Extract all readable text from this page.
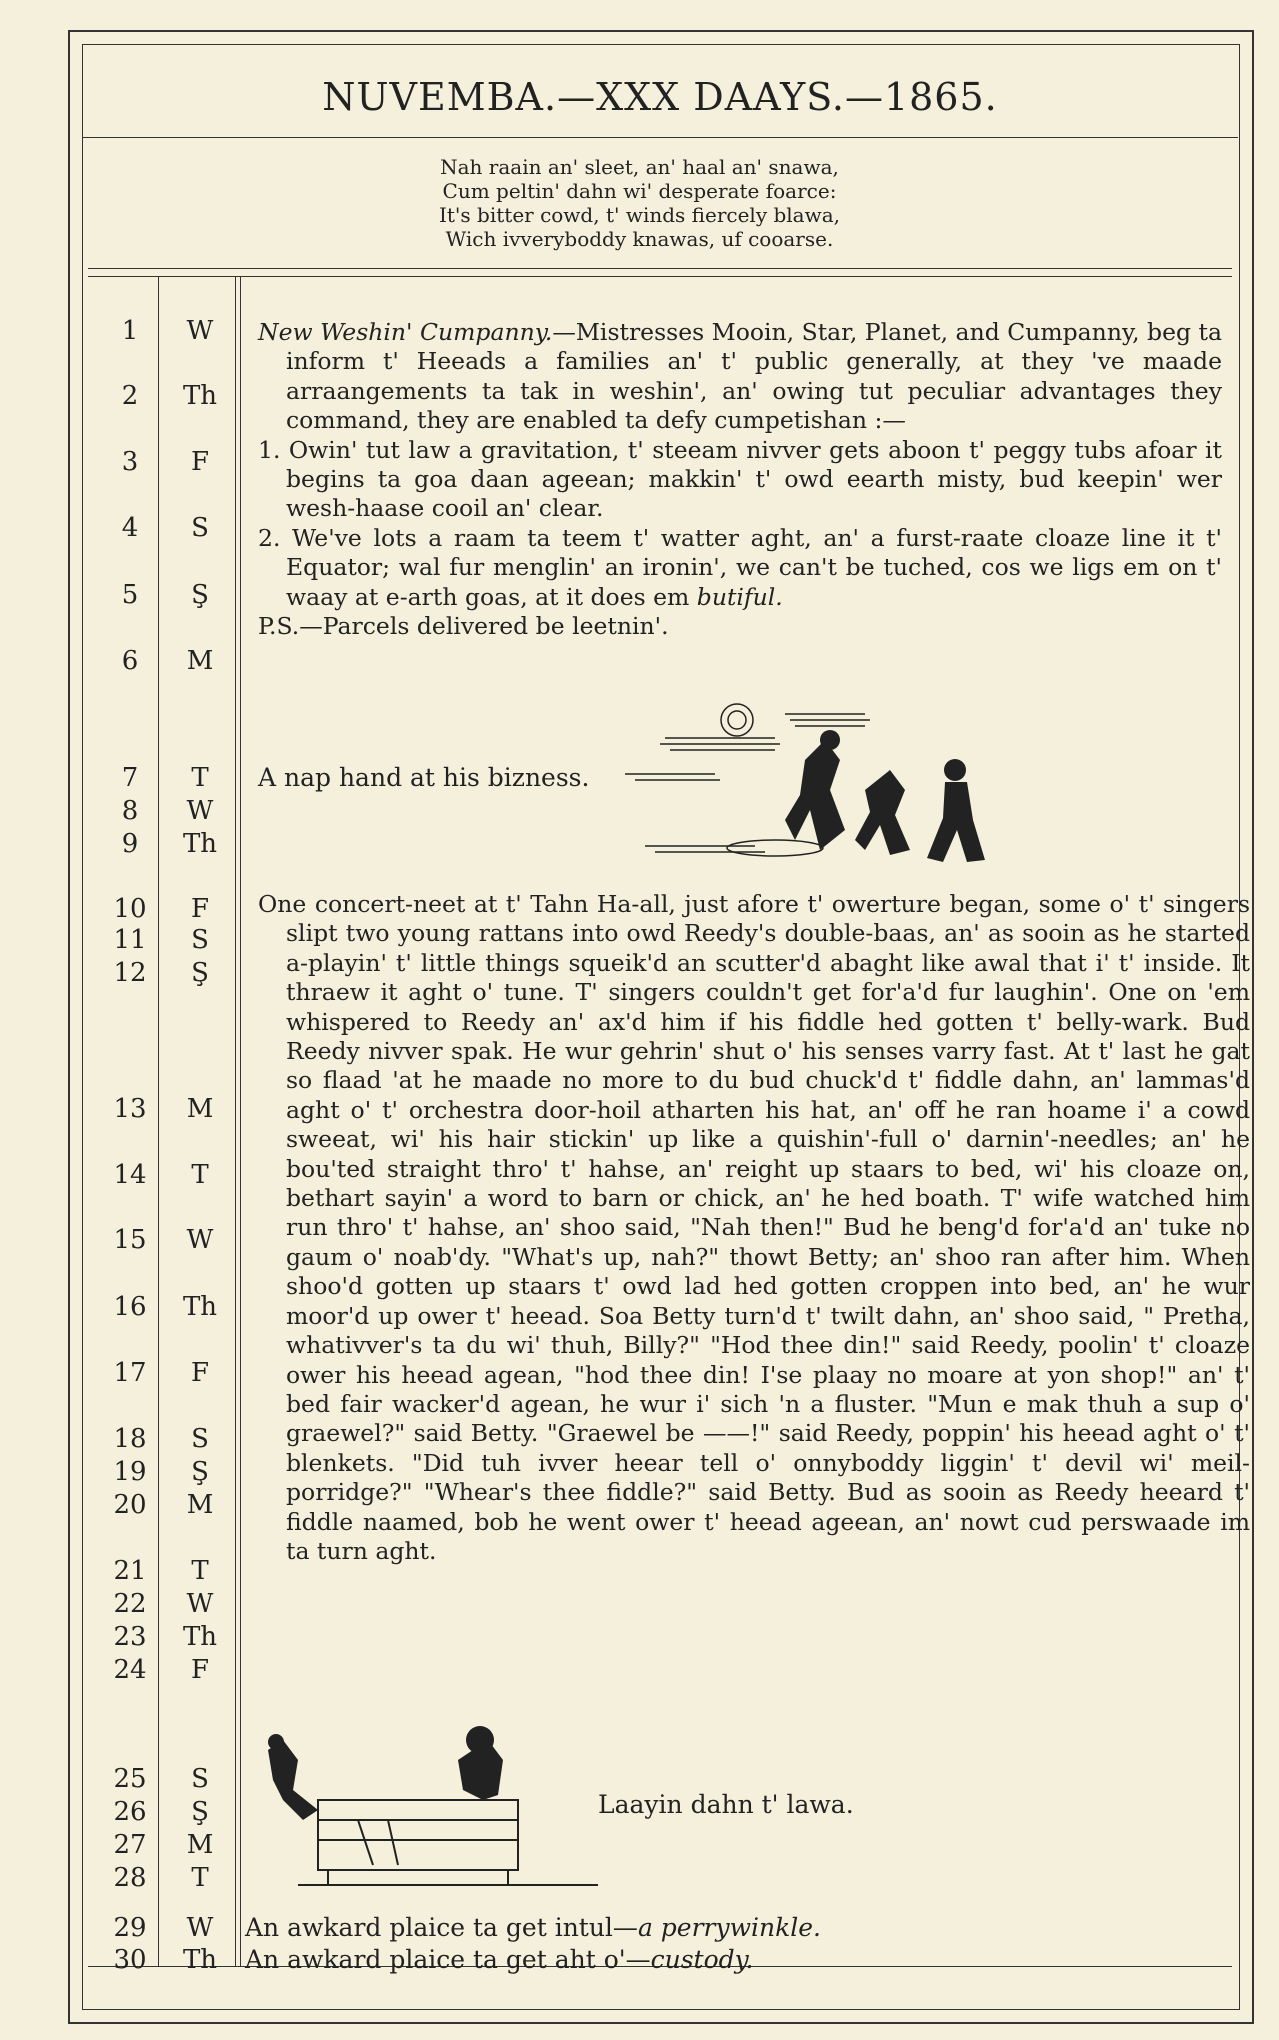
NUVEMBA.—XXX DAAYS.—1865.
Nah raain an' sleet, an' haal an' snawa,
Cum peltin' dahn wi' desperate foarce:
It's bitter cowd, t' winds fiercely blawa,
Wich ivveryboddy knawas, uf cooarse.
1	W
2	Th
3	F
4	S
5	Ş
6	M
7	T
8	W
9	Th
10	F
11	S
12	Ş
13	M
14	T
15	W
16	Th
17	F
18	S
19	Ş
20	M
21	T
22	W
23	Th
24	F
25	S
26	Ş
27	M
28	T
29	W
30	Th
New Weshin' Cumpanny.—Mistresses Mooin, Star, Planet, and Cumpanny, beg ta inform t' Heeads a families an' t' public generally, at they 've maade arraangements ta tak in weshin', an' owing tut peculiar advantages they command, they are enabled ta defy cumpetishan :—
1. Owin' tut law a gravitation, t' steeam nivver gets aboon t' peggy tubs afoar it begins ta goa daan ageean; makkin' t' owd eearth misty, bud keepin' wer wesh-haase cooil an' clear.
2. We've lots a raam ta teem t' watter aght, an' a furst-raate cloaze line it t' Equator; wal fur menglin' an ironin', we can't be tuched, cos we ligs em on t' waay at e-arth goas, at it does em butiful.
P.S.—Parcels delivered be leetnin'.
A nap hand at his bizness.
One concert-neet at t' Tahn Ha-all, just afore t' owerture began, some o' t' singers slipt two young rattans into owd Reedy's double-baas, an' as sooin as he started a-playin' t' little things squeik'd an scutter'd abaght like awal that i' t' inside. It thraew it aght o' tune. T' singers couldn't get for'a'd fur laughin'. One on 'em whispered to Reedy an' ax'd him if his fiddle hed gotten t' belly-wark. Bud Reedy nivver spak. He wur gehrin' shut o' his senses varry fast. At t' last he gat so flaad 'at he maade no more to du bud chuck'd t' fiddle dahn, an' lammas'd aght o' t' orchestra door-hoil atharten his hat, an' off he ran hoame i' a cowd sweeat, wi' his hair stickin' up like a quishin'-full o' darnin'-needles; an' he bou'ted straight thro' t' hahse, an' reight up staars to bed, wi' his cloaze on, bethart sayin' a word to barn or chick, an' he hed boath. T' wife watched him run thro' t' hahse, an' shoo said, "Nah then!" Bud he beng'd for'a'd an' tuke no gaum o' noab'dy. "What's up, nah?" thowt Betty; an' shoo ran after him. When shoo'd gotten up staars t' owd lad hed gotten croppen into bed, an' he wur moor'd up ower t' heead. Soa Betty turn'd t' twilt dahn, an' shoo said, " Pretha, whativver's ta du wi' thuh, Billy?" "Hod thee din!" said Reedy, poolin' t' cloaze ower his heead agean, "hod thee din! I'se plaay no moare at yon shop!" an' t' bed fair wacker'd agean, he wur i' sich 'n a fluster. "Mun e mak thuh a sup o' graewel?" said Betty. "Graewel be ——!" said Reedy, poppin' his heead aght o' t' blenkets. "Did tuh ivver heear tell o' onnyboddy liggin' t' devil wi' meil-porridge?" "Whear's thee fiddle?" said Betty. Bud as sooin as Reedy heeard t' fiddle naamed, bob he went ower t' heead ageean, an' nowt cud perswaade im ta turn aght.
Laayin dahn t' lawa.
An awkard plaice ta get intul—a perrywinkle.
An awkard plaice ta get aht o'—custody.
